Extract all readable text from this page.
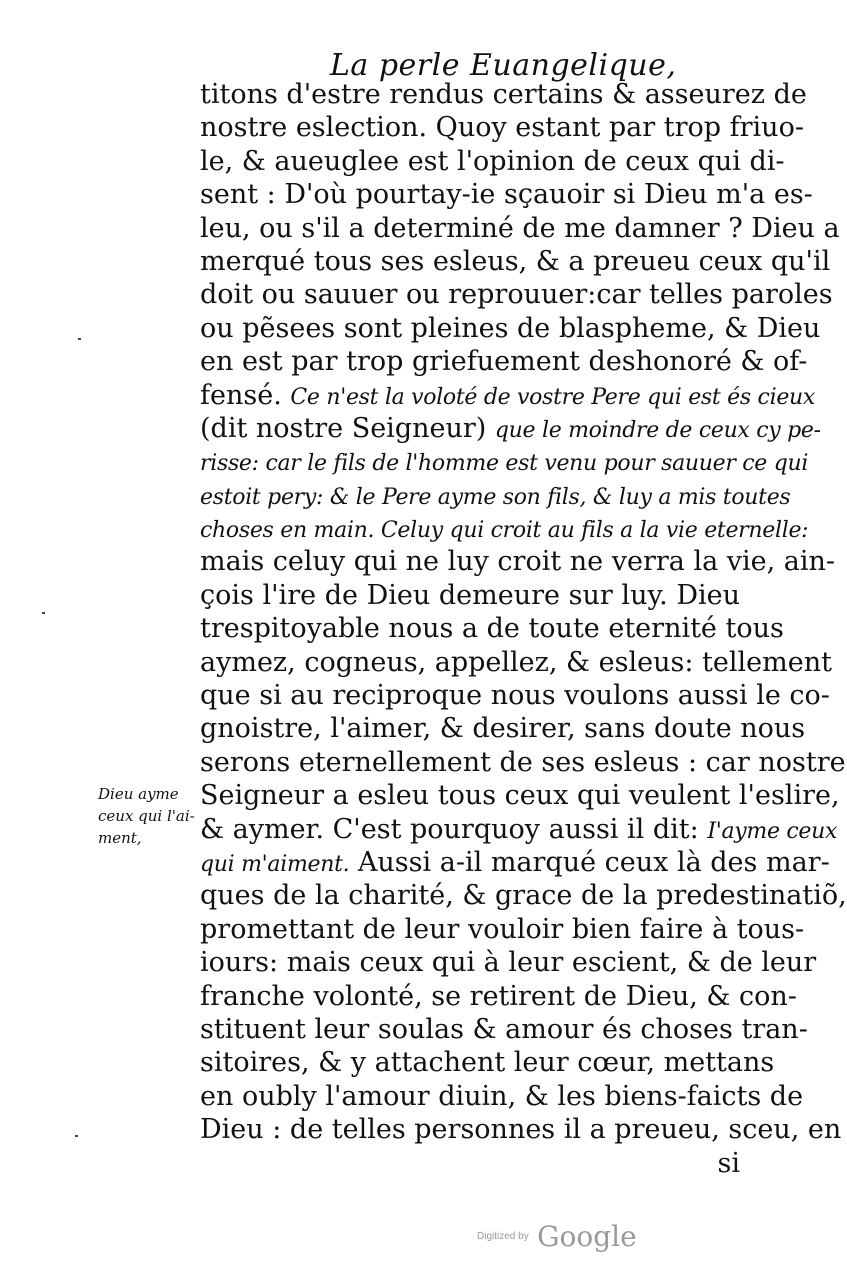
La perle Euangelique,
titons d'estre rendus certains & asseurez de
nostre eslection. Quoy estant par trop friuo-
le, & aueuglee est l'opinion de ceux qui di-
sent : D'où pourtay-ie sçauoir si Dieu m'a es-
leu, ou s'il a determiné de me damner ? Dieu a
merqué tous ses esleus, & a preueu ceux qu'il
doit ou sauuer ou reprouuer:car telles paroles
ou pẽsees sont pleines de blaspheme, & Dieu
en est par trop griefuement deshonoré & of-
fensé. Ce n'est la voloté de vostre Pere qui est és cieux
(dit nostre Seigneur) que le moindre de ceux cy pe-
risse: car le fils de l'homme est venu pour sauuer ce qui
estoit pery: & le Pere ayme son fils, & luy a mis toutes
choses en main. Celuy qui croit au fils a la vie eternelle:
mais celuy qui ne luy croit ne verra la vie, ain-
çois l'ire de Dieu demeure sur luy. Dieu
trespitoyable nous a de toute eternité tous
aymez, cogneus, appellez, & esleus: tellement
que si au reciproque nous voulons aussi le co-
gnoistre, l'aimer, & desirer, sans doute nous
serons eternellement de ses esleus : car nostre
Seigneur a esleu tous ceux qui veulent l'eslire,
& aymer. C'est pourquoy aussi il dit: I'ayme ceux
qui m'aiment. Aussi a-il marqué ceux là des mar-
ques de la charité, & grace de la predestinatiõ,
promettant de leur vouloir bien faire à tous-
iours: mais ceux qui à leur escient, & de leur
franche volonté, se retirent de Dieu, & con-
stituent leur soulas & amour és choses tran-
sitoires, & y attachent leur cœur, mettans
en oubly l'amour diuin, & les biens-faicts de
Dieu : de telles personnes il a preueu, sceu, en
si
Dieu ayme
ceux qui l'ai-
ment,
Digitized by Google
